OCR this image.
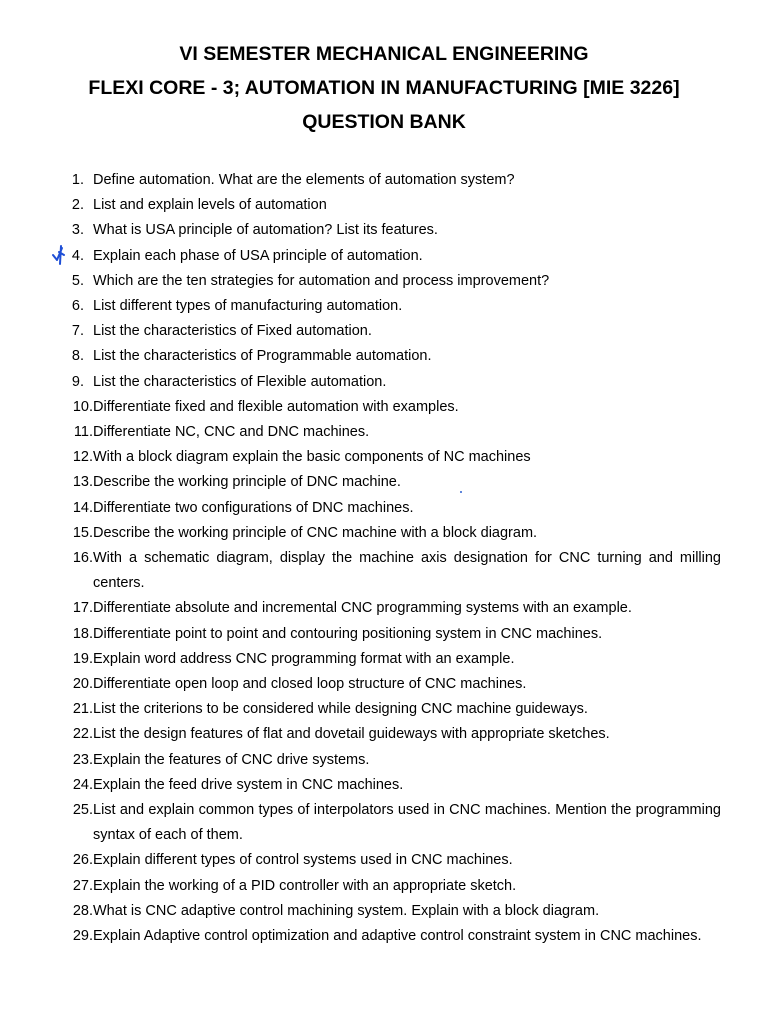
VI SEMESTER MECHANICAL ENGINEERING
FLEXI CORE - 3; AUTOMATION IN MANUFACTURING [MIE 3226]
QUESTION BANK
1. Define automation. What are the elements of automation system?
2. List and explain levels of automation
3. What is USA principle of automation? List its features.
4. Explain each phase of USA principle of automation.
5. Which are the ten strategies for automation and process improvement?
6. List different types of manufacturing automation.
7. List the characteristics of Fixed automation.
8. List the characteristics of Programmable automation.
9. List the characteristics of Flexible automation.
10. Differentiate fixed and flexible automation with examples.
11. Differentiate NC, CNC and DNC machines.
12. With a block diagram explain the basic components of NC machines
13. Describe the working principle of DNC machine.
14. Differentiate two configurations of DNC machines.
15. Describe the working principle of CNC machine with a block diagram.
16. With a schematic diagram, display the machine axis designation for CNC turning and milling centers.
17. Differentiate absolute and incremental CNC programming systems with an example.
18. Differentiate point to point and contouring positioning system in CNC machines.
19. Explain word address CNC programming format with an example.
20. Differentiate open loop and closed loop structure of CNC machines.
21. List the criterions to be considered while designing CNC machine guideways.
22. List the design features of flat and dovetail guideways with appropriate sketches.
23. Explain the features of CNC drive systems.
24. Explain the feed drive system in CNC machines.
25. List and explain common types of interpolators used in CNC machines. Mention the programming syntax of each of them.
26. Explain different types of control systems used in CNC machines.
27. Explain the working of a PID controller with an appropriate sketch.
28. What is CNC adaptive control machining system. Explain with a block diagram.
29. Explain Adaptive control optimization and adaptive control constraint system in CNC machines.
